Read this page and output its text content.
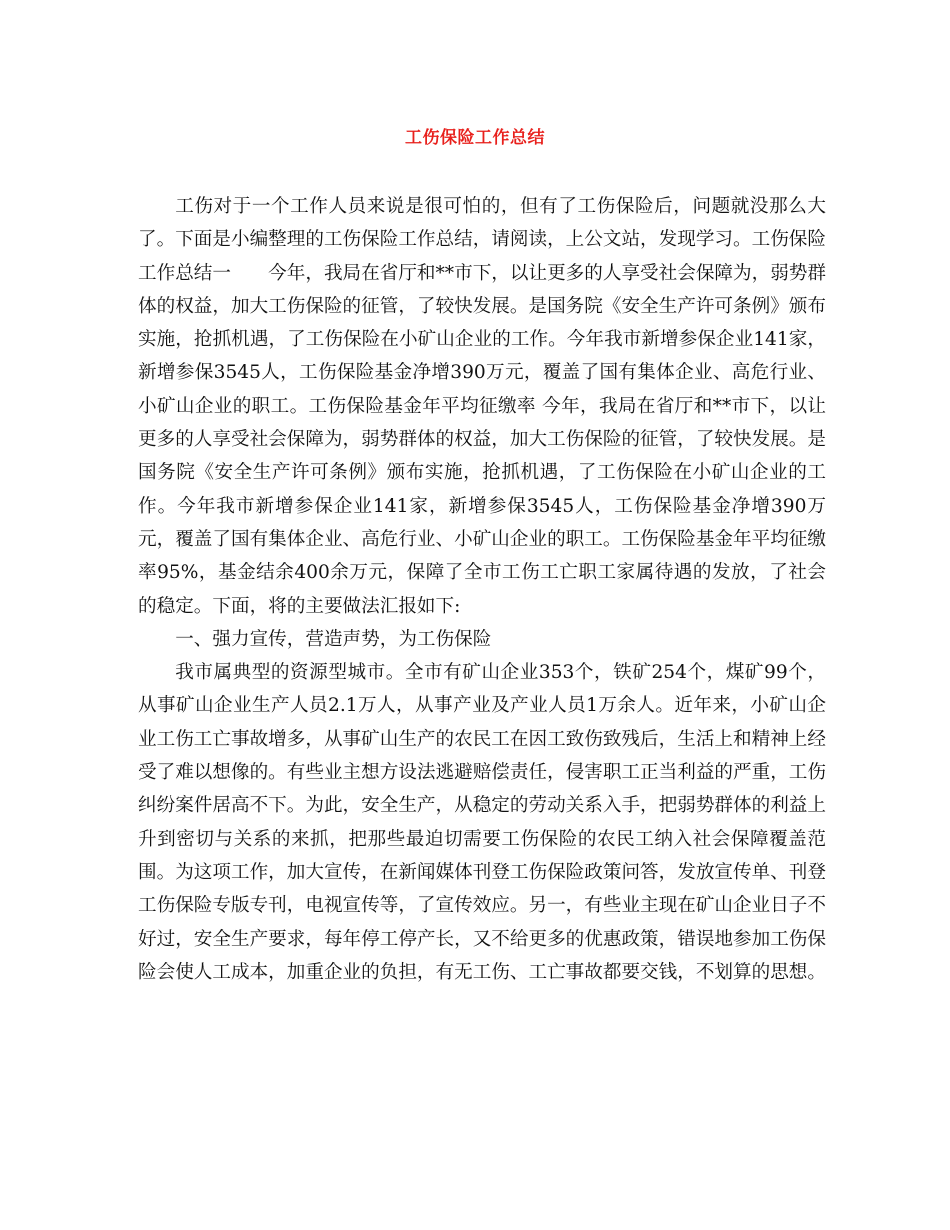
工伤保险工作总结

工伤对于一个工作人员来说是很可怕的，但有了工伤保险后，问题就没那么大了。下面是小编整理的工伤保险工作总结，请阅读，上公文站，发现学习。工伤保险工作总结一　　今年，我局在省厅和**市下，以让更多的人享受社会保障为，弱势群体的权益，加大工伤保险的征管，了较快发展。是国务院《安全生产许可条例》颁布实施，抢抓机遇，了工伤保险在小矿山企业的工作。今年我市新增参保企业141家，新增参保3545人，工伤保险基金净增390万元，覆盖了国有集体企业、高危行业、小矿山企业的职工。工伤保险基金年平均征缴率 今年，我局在省厅和**市下，以让更多的人享受社会保障为，弱势群体的权益，加大工伤保险的征管，了较快发展。是国务院《安全生产许可条例》颁布实施，抢抓机遇，了工伤保险在小矿山企业的工作。今年我市新增参保企业141家，新增参保3545人，工伤保险基金净增390万元，覆盖了国有集体企业、高危行业、小矿山企业的职工。工伤保险基金年平均征缴率95%，基金结余400余万元，保障了全市工伤工亡职工家属待遇的发放，了社会的稳定。下面，将的主要做法汇报如下:

一、强力宣传，营造声势，为工伤保险

我市属典型的资源型城市。全市有矿山企业353个，铁矿254个，煤矿99个，从事矿山企业生产人员2.1万人，从事产业及产业人员1万余人。近年来，小矿山企业工伤工亡事故增多，从事矿山生产的农民工在因工致伤致残后，生活上和精神上经受了难以想像的。有些业主想方设法逃避赔偿责任，侵害职工正当利益的严重，工伤纠纷案件居高不下。为此，安全生产，从稳定的劳动关系入手，把弱势群体的利益上升到密切与关系的来抓，把那些最迫切需要工伤保险的农民工纳入社会保障覆盖范围。为这项工作，加大宣传，在新闻媒体刊登工伤保险政策问答，发放宣传单、刊登工伤保险专版专刊，电视宣传等，了宣传效应。另一，有些业主现在矿山企业日子不好过，安全生产要求，每年停工停产长，又不给更多的优惠政策，错误地参加工伤保险会使人工成本，加重企业的负担，有无工伤、工亡事故都要交钱，不划算的思想。
